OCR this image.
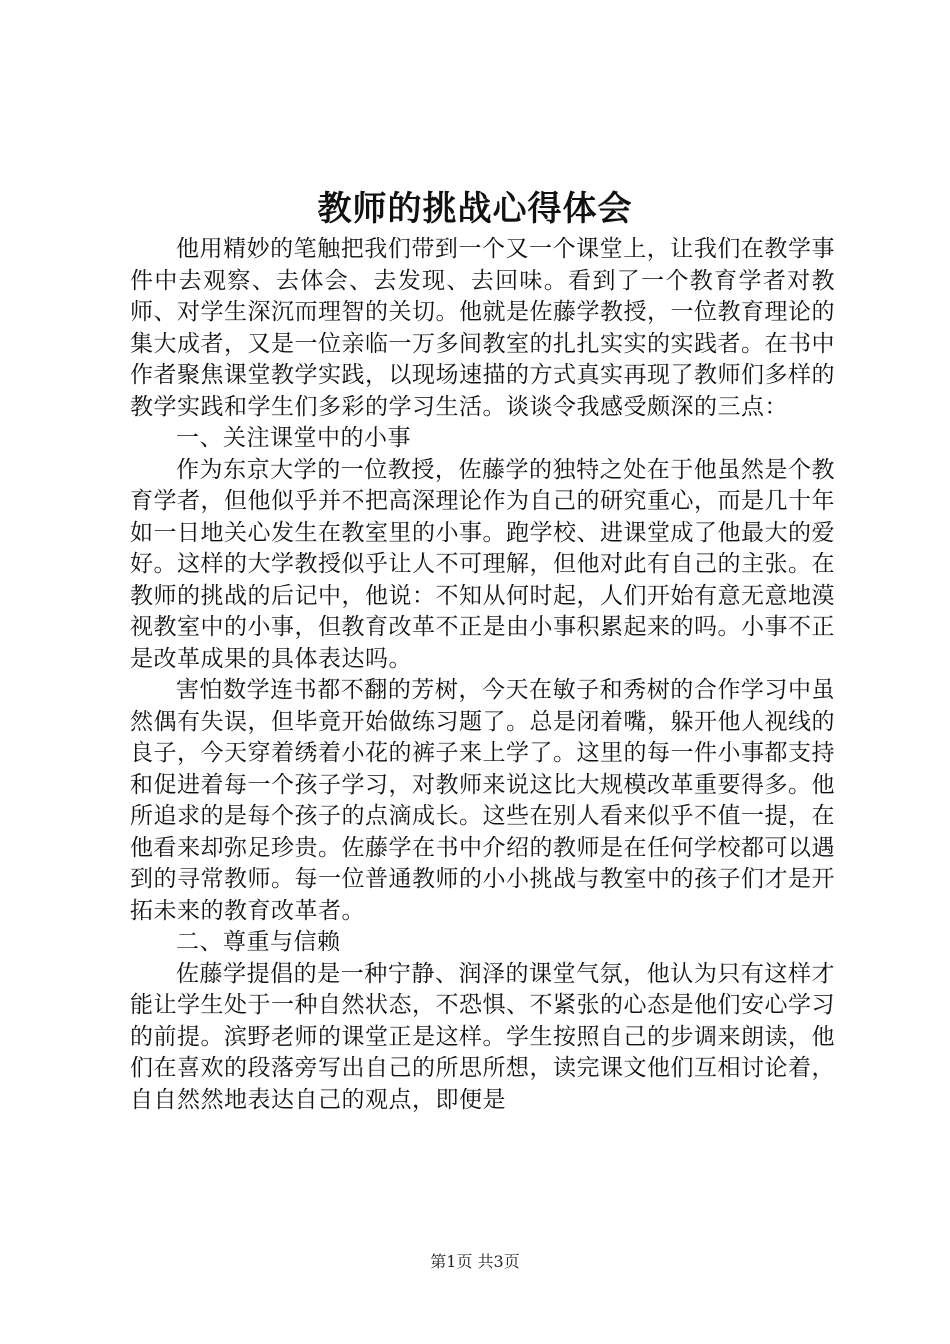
教师的挑战心得体会

他用精妙的笔触把我们带到一个又一个课堂上，让我们在教学事件中去观察、去体会、去发现、去回味。看到了一个教育学者对教师、对学生深沉而理智的关切。他就是佐藤学教授，一位教育理论的集大成者，又是一位亲临一万多间教室的扎扎实实的实践者。在书中作者聚焦课堂教学实践，以现场速描的方式真实再现了教师们多样的教学实践和学生们多彩的学习生活。谈谈令我感受颇深的三点：

一、关注课堂中的小事

作为东京大学的一位教授，佐藤学的独特之处在于他虽然是个教育学者，但他似乎并不把高深理论作为自己的研究重心，而是几十年如一日地关心发生在教室里的小事。跑学校、进课堂成了他最大的爱好。这样的大学教授似乎让人不可理解，但他对此有自己的主张。在教师的挑战的后记中，他说：不知从何时起，人们开始有意无意地漠视教室中的小事，但教育改革不正是由小事积累起来的吗。小事不正是改革成果的具体表达吗。

害怕数学连书都不翻的芳树，今天在敏子和秀树的合作学习中虽然偶有失误，但毕竟开始做练习题了。总是闭着嘴，躲开他人视线的良子，今天穿着绣着小花的裤子来上学了。这里的每一件小事都支持和促进着每一个孩子学习，对教师来说这比大规模改革重要得多。他所追求的是每个孩子的点滴成长。这些在别人看来似乎不值一提，在他看来却弥足珍贵。佐藤学在书中介绍的教师是在任何学校都可以遇到的寻常教师。每一位普通教师的小小挑战与教室中的孩子们才是开拓未来的教育改革者。

二、尊重与信赖

佐藤学提倡的是一种宁静、润泽的课堂气氛，他认为只有这样才能让学生处于一种自然状态，不恐惧、不紧张的心态是他们安心学习的前提。滨野老师的课堂正是这样。学生按照自己的步调来朗读，他们在喜欢的段落旁写出自己的所思所想，读完课文他们互相讨论着，自自然然地表达自己的观点，即便是

第1页 共3页
